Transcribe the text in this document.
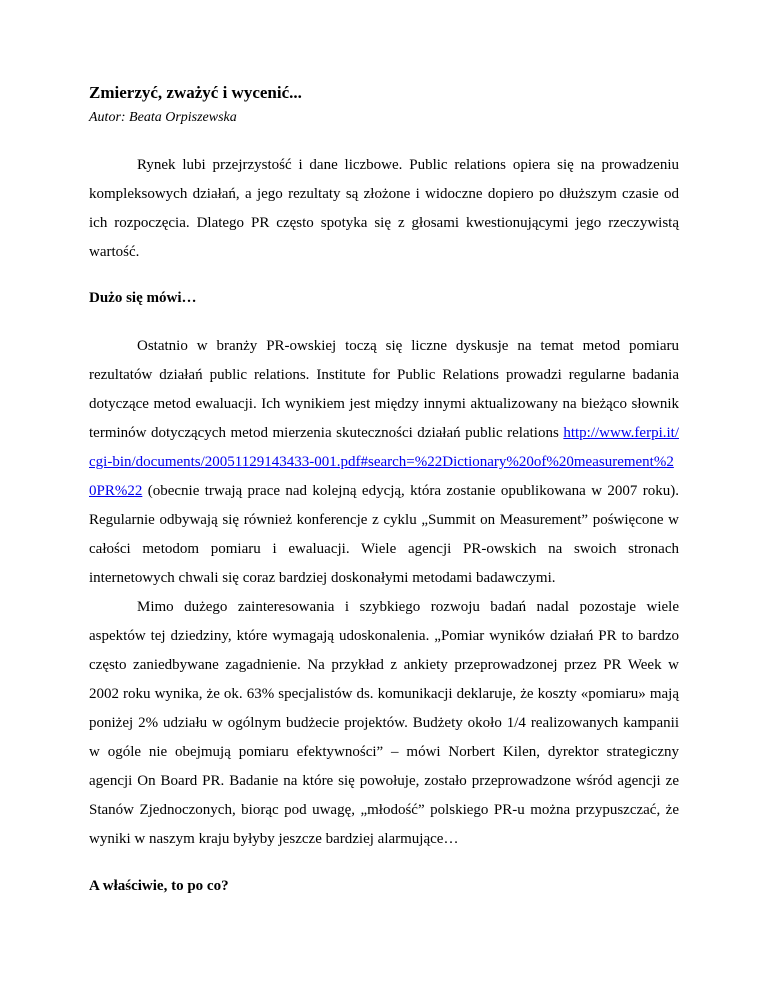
Zmierzyć, zważyć i wycenić...
Autor: Beata Orpiszewska

Rynek lubi przejrzystość i dane liczbowe. Public relations opiera się na prowadzeniu kompleksowych działań, a jego rezultaty są złożone i widoczne dopiero po dłuższym czasie od ich rozpoczęcia. Dlatego PR często spotyka się z głosami kwestionującymi jego rzeczywistą wartość.

Dużo się mówi…

Ostatnio w branży PR-owskiej toczą się liczne dyskusje na temat metod pomiaru rezultatów działań public relations. Institute for Public Relations prowadzi regularne badania dotyczące metod ewaluacji. Ich wynikiem jest między innymi aktualizowany na bieżąco słownik terminów dotyczących metod mierzenia skuteczności działań public relations http://www.ferpi.it/cgi-bin/documents/20051129143433-001.pdf#search=%22Dictionary%20of%20measurement%20PR%22 (obecnie trwają prace nad kolejną edycją, która zostanie opublikowana w 2007 roku). Regularnie odbywają się również konferencje z cyklu „Summit on Measurement” poświęcone w całości metodom pomiaru i ewaluacji. Wiele agencji PR-owskich na swoich stronach internetowych chwali się coraz bardziej doskonałymi metodami badawczymi.

Mimo dużego zainteresowania i szybkiego rozwoju badań nadal pozostaje wiele aspektów tej dziedziny, które wymagają udoskonalenia. „Pomiar wyników działań PR to bardzo często zaniedbywane zagadnienie. Na przykład z ankiety przeprowadzonej przez PR Week w 2002 roku wynika, że ok. 63% specjalistów ds. komunikacji deklaruje, że koszty «pomiaru» mają poniżej 2% udziału w ogólnym budżecie projektów. Budżety około 1/4 realizowanych kampanii w ogóle nie obejmują pomiaru efektywności” – mówi Norbert Kilen, dyrektor strategiczny agencji On Board PR. Badanie na które się powołuje, zostało przeprowadzone wśród agencji ze Stanów Zjednoczonych, biorąc pod uwagę, „młodość” polskiego PR-u można przypuszczać, że wyniki w naszym kraju byłyby jeszcze bardziej alarmujące…

A właściwie, to po co?
